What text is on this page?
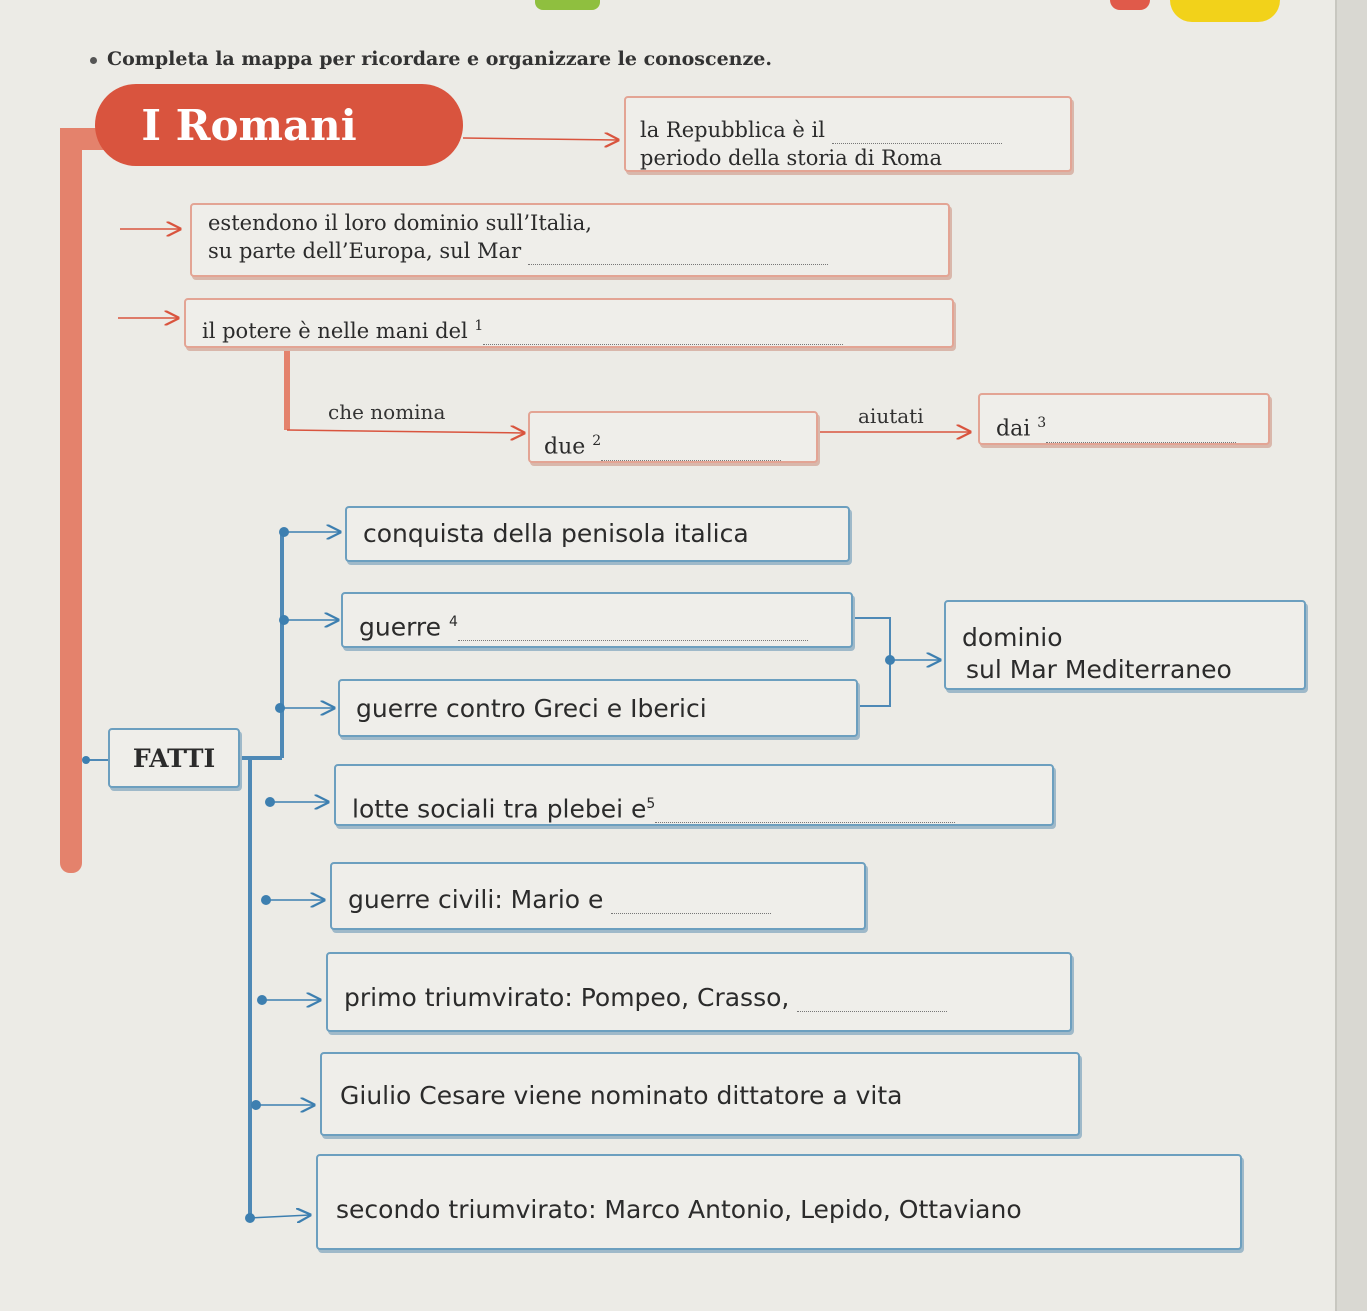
Completa la mappa per ricordare e organizzare le conoscenze.
I Romani	la Repubblica è il
periodo della storia di Roma
estendono il loro dominio sull’Italia,
su parte dell’Europa, sul Mar
il potere è nelle mani del $^1$
che nomina	aiutati
due $^2$	dai $^3$
FATTI
conquista della penisola italica
guerre $^4$
guerre contro Greci e Iberici
dominio
sul Mar Mediterraneo
lotte sociali tra plebei $e^5$
guerre civili: Mario e
primo triumvirato: Pompeo, Crasso,
Giulio Cesare viene nominato dittatore a vita
secondo triumvirato: Marco Antonio, Lepido, Ottaviano
